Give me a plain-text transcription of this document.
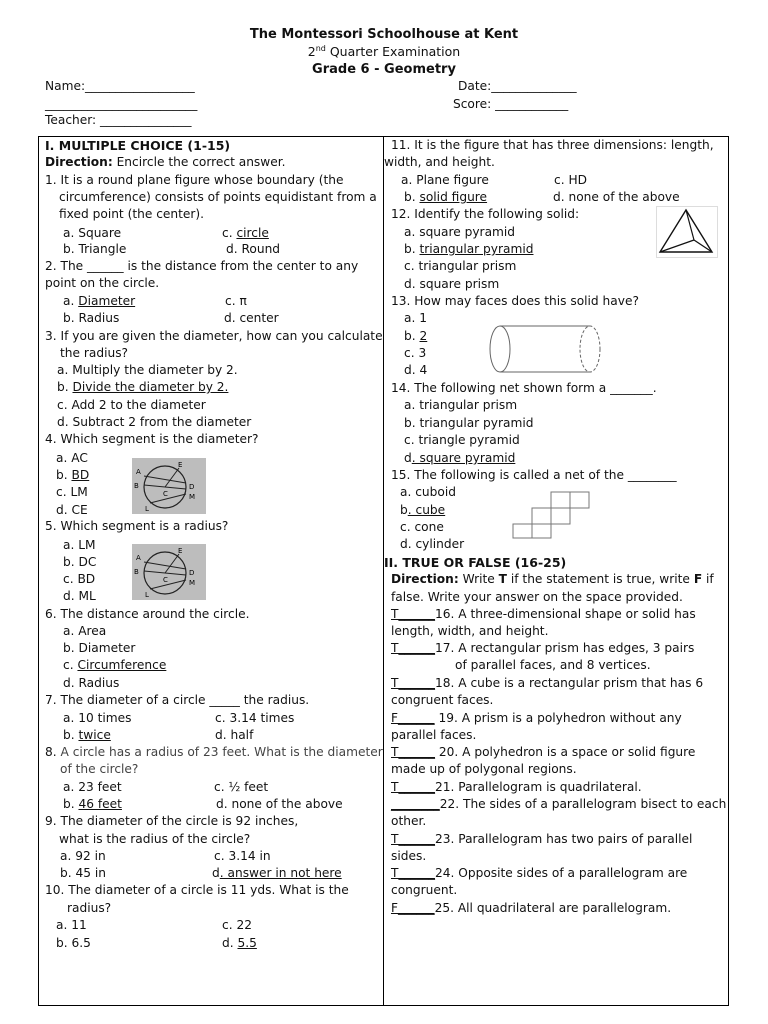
The Montessori Schoolhouse at Kent
2nd Quarter Examination
Grade 6 - Geometry
Name:__________________
_________________________
Teacher: _______________
Date:______________
Score: ____________
I. MULTIPLE CHOICE (1-15)
Direction: Encircle the correct answer.
1. It is a round plane figure whose boundary (the
circumference) consists of points equidistant from a
fixed point (the center).
a. Square	c. circle
b. Triangle	d. Round
2. The ______ is the distance from the center to any
point on the circle.
a. Diameter	c. π
b. Radius	d. center
3. If you are given the diameter, how can you calculate
the radius?
a. Multiply the diameter by 2.
b. Divide the diameter by 2.
c. Add 2 to the diameter
d. Subtract 2 from the diameter
4. Which segment is the diameter?
a. AC
b. BD
c. LM
d. CE
A
B
C
D
E
M
L
5. Which segment is a radius?
a. LM
b. DC
c. BD
d. ML
A
B
C
D
E
M
L
6. The distance around the circle.
a. Area
b. Diameter
c. Circumference
d. Radius
7. The diameter of a circle _____ the radius.
a. 10 times	c. 3.14 times
b. twice	d. half
8. A circle has a radius of 23 feet. What is the diameter
of the circle?
a. 23 feet	c. ½ feet
b. 46 feet	d. none of the above
9. The diameter of the circle is 92 inches,
what is the radius of the circle?
a. 92 in	c. 3.14 in
b. 45 in	d. answer in not here
10. The diameter of a circle is 11 yds. What is the
radius?
a. 11	c. 22
b. 6.5	d. 5.5
11. It is the figure that has three dimensions: length,
width, and height.
a. Plane figure	c. HD
b. solid figure	d. none of the above
12. Identify the following solid:
a. square pyramid
b. triangular pyramid
c. triangular prism
d. square prism
13. How may faces does this solid have?
a. 1
b. 2
c. 3
d. 4
14. The following net shown form a _______.
a. triangular prism
b. triangular pyramid
c. triangle pyramid
d. square pyramid
15. The following is called a net of the ________
a. cuboid
b. cube
c. cone
d. cylinder
II. TRUE OR FALSE (16-25)
Direction: Write T if the statement is true, write F if
false. Write your answer on the space provided.
T______16. A three-dimensional shape or solid has
length, width, and height.
T______17. A rectangular prism has edges, 3 pairs
of parallel faces, and 8 vertices.
T______18. A cube is a rectangular prism that has 6
congruent faces.
F______ 19. A prism is a polyhedron without any
parallel faces.
T______ 20. A polyhedron is a space or solid figure
made up of polygonal regions.
T______21. Parallelogram is quadrilateral.
________22. The sides of a parallelogram bisect to each
other.
T______23. Parallelogram has two pairs of parallel
sides.
T______24. Opposite sides of a parallelogram are
congruent.
F______25. All quadrilateral are parallelogram.
